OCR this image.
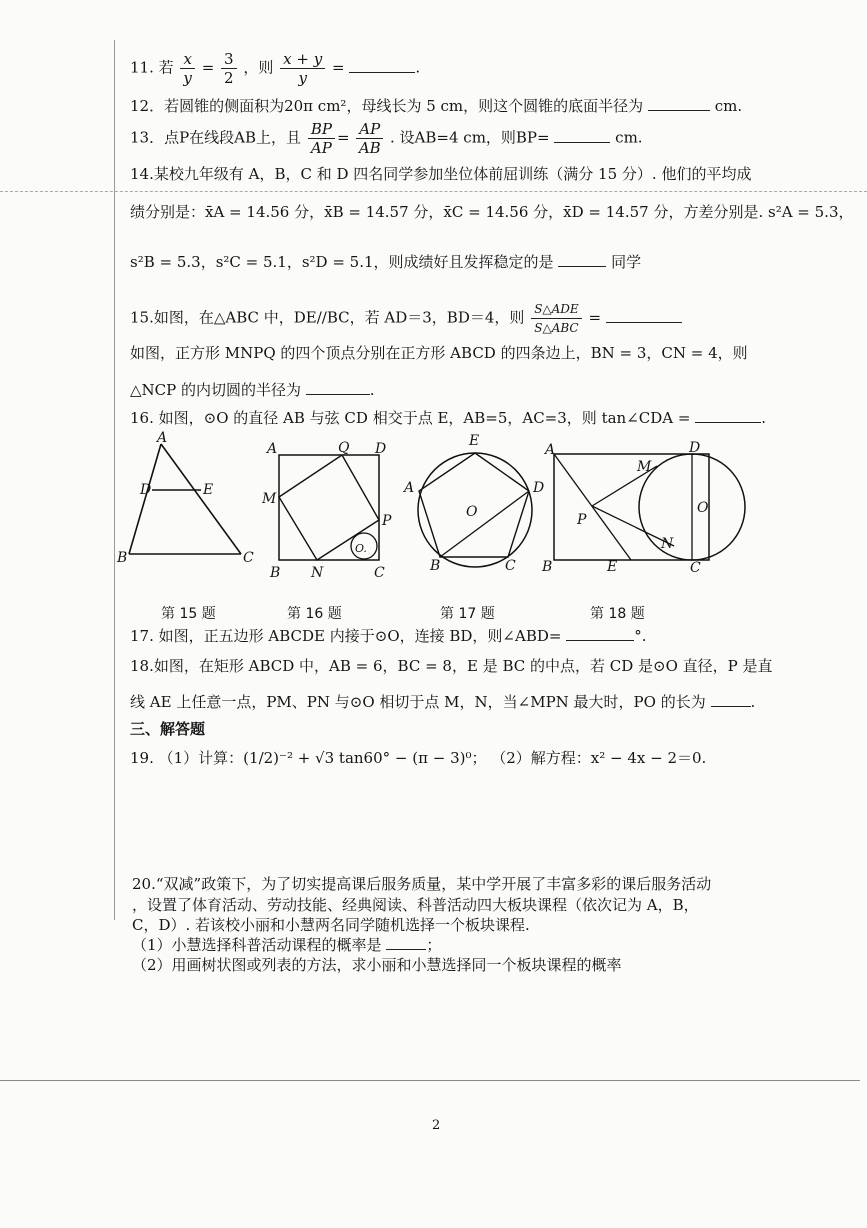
11. 若 $\frac{x}{y} = \frac{3}{2}$ ，则 $\frac{x + y}{y}$ =	.
12．若圆锥的侧面积为20π cm²，母线长为 5 cm，则这个圆锥的底面半径为	cm.
13．点P在线段AB上，且 $\frac{BP}{AP} = \frac{AP}{AB}$ . 设AB=4 cm，则BP=	cm.
14.某校九年级有 A，B，C 和 D 四名同学参加坐位体前屈训练（满分 15 分）. 他们的平均成
绩分别是：x̄A = 14.56 分，x̄B = 14.57 分，x̄C = 14.56 分，x̄D = 14.57 分，方差分别是. s²A = 5.3，
s²B = 5.3，s²C = 5.1，s²D = 5.1，则成绩好且发挥稳定的是	同学
15.如图，在△ABC 中，DE//BC，若 AD＝3，BD＝4，则 $\frac{\text{S△ADE}}{\text{S△ABC}}$ =
如图，正方形 MNPQ 的四个顶点分别在正方形 ABCD 的四条边上，BN = 3，CN = 4，则
△NCP 的内切圆的半径为	.
16. 如图，⊙O 的直径 AB 与弦 CD 相交于点 E，AB=5，AC=3，则 tan∠CDA =	.
A
D	E
B	C
A	Q D
M
P
O.
B N	C
E
A	D
O
B	C
A	D
M
P
O
N
B	E	C
第 15 题	第 16 题	第 17 题	第 18 题
17. 如图，正五边形 ABCDE 内接于⊙O，连接 BD，则∠ABD=	°.
18.如图，在矩形 ABCD 中，AB = 6，BC = 8，E 是 BC 的中点，若 CD 是⊙O 直径，P 是直
线 AE 上任意一点，PM、PN 与⊙O 相切于点 M，N，当∠MPN 最大时，PO 的长为	.
三、解答题
19. （1）计算：(1/2)⁻² + √3 tan60° − (π − 3)⁰； （2）解方程：x² − 4x − 2＝0.
20.“双减”政策下，为了切实提高课后服务质量，某中学开展了丰富多彩的课后服务活动
，设置了体育活动、劳动技能、经典阅读、科普活动四大板块课程（依次记为 A，B，
C，D）. 若该校小丽和小慧两名同学随机选择一个板块课程.
（1）小慧选择科普活动课程的概率是	；
（2）用画树状图或列表的方法，求小丽和小慧选择同一个板块课程的概率
2
